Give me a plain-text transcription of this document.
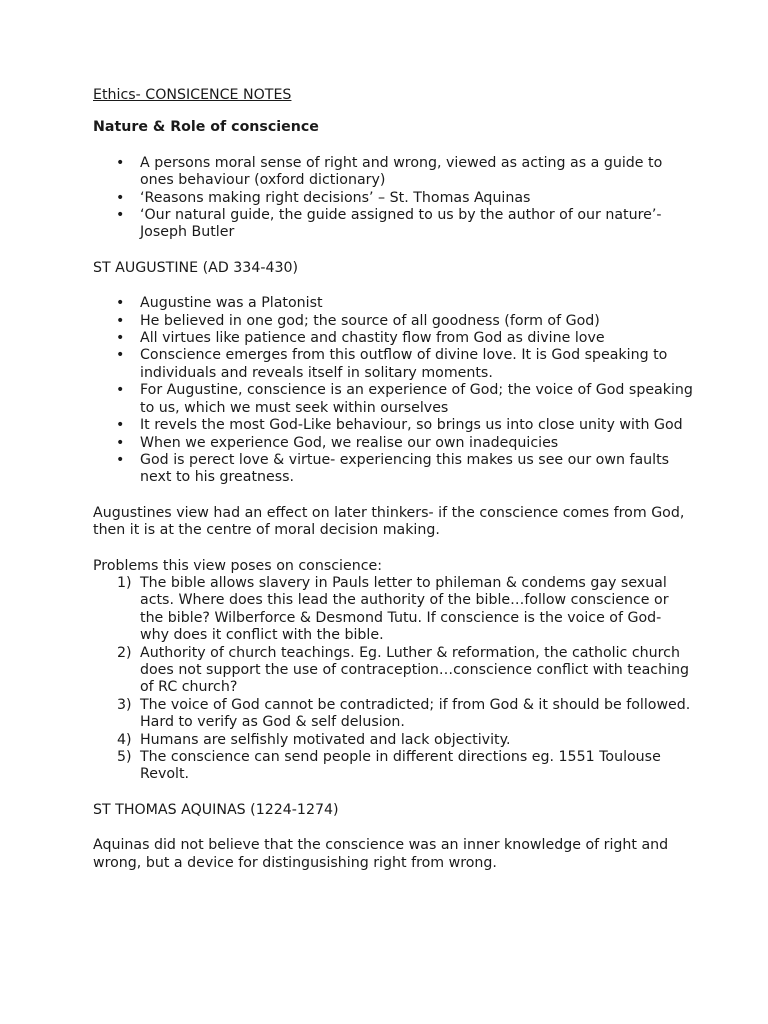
Ethics- CONSICENCE NOTES

Nature & Role of conscience

• A persons moral sense of right and wrong, viewed as acting as a guide to ones behaviour (oxford dictionary)
• ‘Reasons making right decisions’ – St. Thomas Aquinas
• ‘Our natural guide, the guide assigned to us by the author of our nature’- Joseph Butler

ST AUGUSTINE (AD 334-430)

• Augustine was a Platonist
• He believed in one god; the source of all goodness (form of God)
• All virtues like patience and chastity flow from God as divine love
• Conscience emerges from this outflow of divine love. It is God speaking to individuals and reveals itself in solitary moments.
• For Augustine, conscience is an experience of God; the voice of God speaking to us, which we must seek within ourselves
• It revels the most God-Like behaviour, so brings us into close unity with God
• When we experience God, we realise our own inadequicies
• God is perect love & virtue- experiencing this makes us see our own faults next to his greatness.

Augustines view had an effect on later thinkers- if the conscience comes from God, then it is at the centre of moral decision making.

Problems this view poses on conscience:

1) The bible allows slavery in Pauls letter to phileman & condems gay sexual acts. Where does this lead the authority of the bible…follow conscience or the bible? Wilberforce & Desmond Tutu. If conscience is the voice of God- why does it conflict with the bible.
2) Authority of church teachings. Eg. Luther & reformation, the catholic church does not support the use of contraception…conscience conflict with teaching of RC church?
3) The voice of God cannot be contradicted; if from God & it should be followed. Hard to verify as God & self delusion.
4) Humans are selfishly motivated and lack objectivity.
5) The conscience can send people in different directions eg. 1551 Toulouse Revolt.

ST THOMAS AQUINAS (1224-1274)

Aquinas did not believe that the conscience was an inner knowledge of right and wrong, but a device for distingusishing right from wrong.
